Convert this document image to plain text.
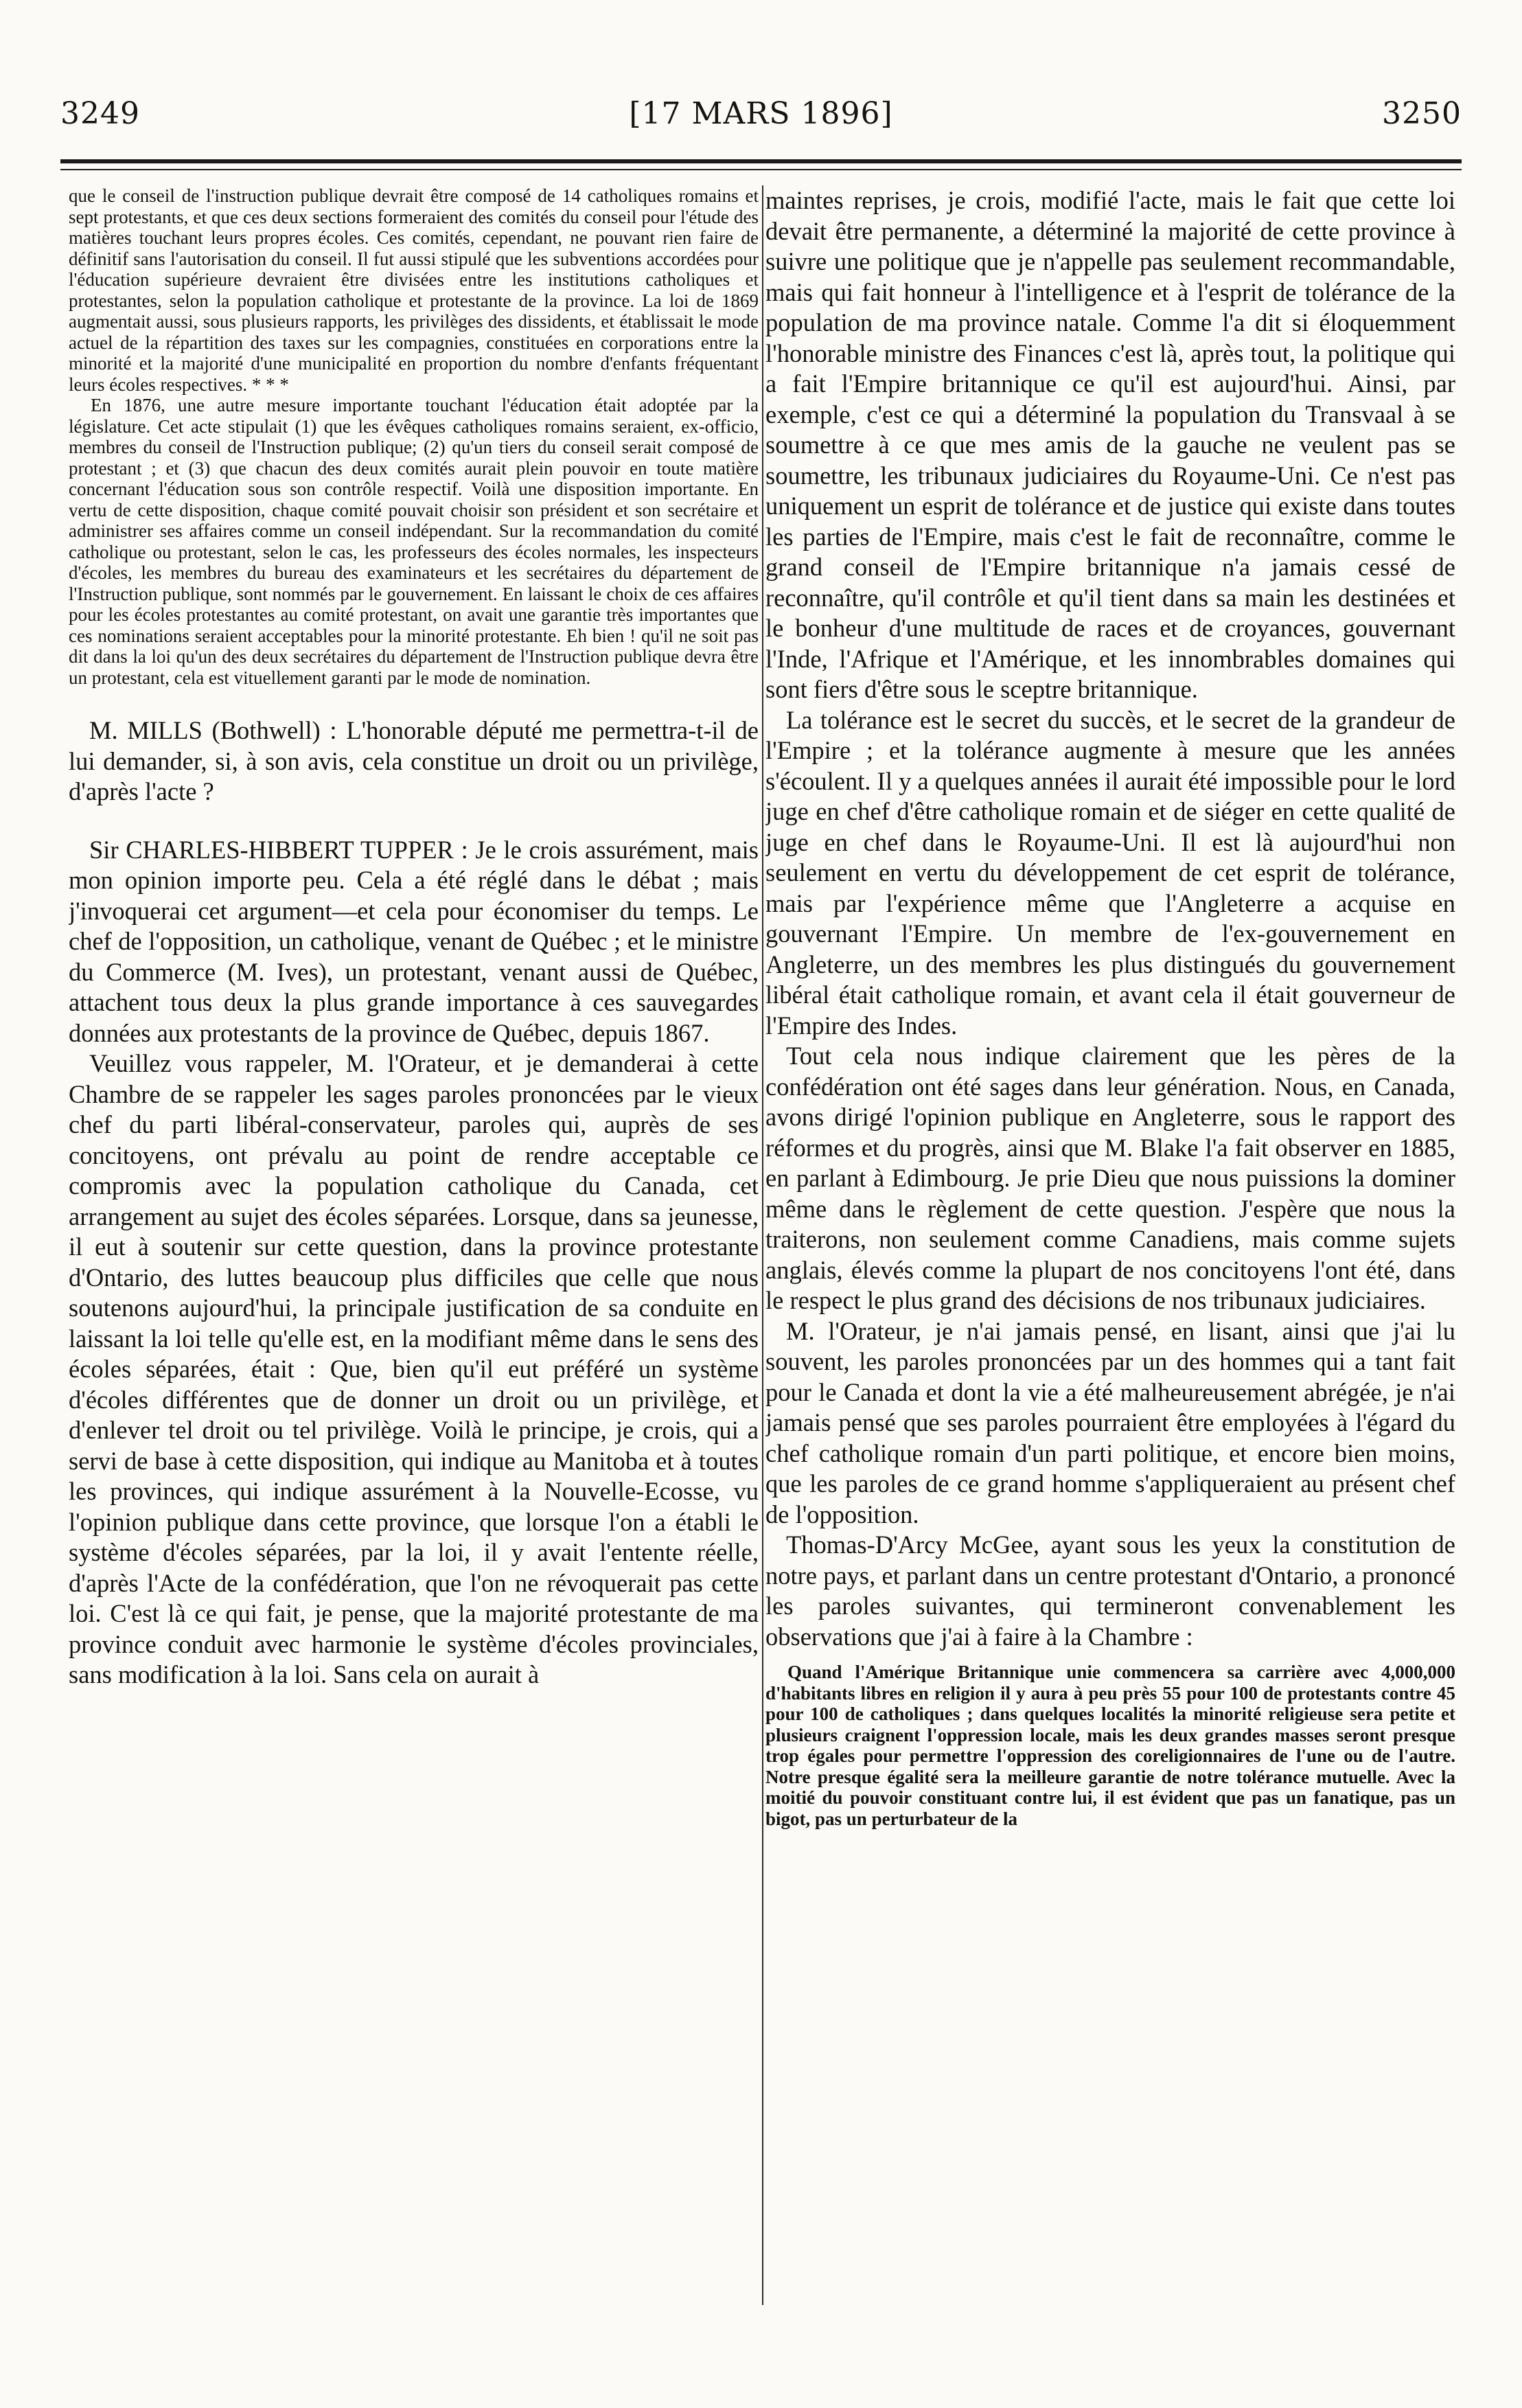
3249	[17 MARS 1896]	3250

que le conseil de l'instruction publique devrait être composé de 14 catholiques romains et sept protestants, et que ces deux sections formeraient des comités du conseil pour l'étude des matières touchant leurs propres écoles. Ces comités, cependant, ne pouvant rien faire de définitif sans l'autorisation du conseil. Il fut aussi stipulé que les subventions accordées pour l'éducation supérieure devraient être divisées entre les institutions catholiques et protestantes, selon la population catholique et protestante de la province. La loi de 1869 augmentait aussi, sous plusieurs rapports, les privilèges des dissidents, et établissait le mode actuel de la répartition des taxes sur les compagnies, constituées en corporations entre la minorité et la majorité d'une municipalité en proportion du nombre d'enfants fréquentant leurs écoles respectives. * * *

En 1876, une autre mesure importante touchant l'éducation était adoptée par la législature. Cet acte stipulait (1) que les évêques catholiques romains seraient, ex-officio, membres du conseil de l'Instruction publique; (2) qu'un tiers du conseil serait composé de protestant ; et (3) que chacun des deux comités aurait plein pouvoir en toute matière concernant l'éducation sous son contrôle respectif. Voilà une disposition importante. En vertu de cette disposition, chaque comité pouvait choisir son président et son secrétaire et administrer ses affaires comme un conseil indépendant. Sur la recommandation du comité catholique ou protestant, selon le cas, les professeurs des écoles normales, les inspecteurs d'écoles, les membres du bureau des examinateurs et les secrétaires du département de l'Instruction publique, sont nommés par le gouvernement. En laissant le choix de ces affaires pour les écoles protestantes au comité protestant, on avait une garantie très importantes que ces nominations seraient acceptables pour la minorité protestante. Eh bien ! qu'il ne soit pas dit dans la loi qu'un des deux secrétaires du département de l'Instruction publique devra être un protestant, cela est vituellement garanti par le mode de nomination.

M. MILLS (Bothwell) : L'honorable député me permettra-t-il de lui demander, si, à son avis, cela constitue un droit ou un privilège, d'après l'acte ?

Sir CHARLES-HIBBERT TUPPER : Je le crois assurément, mais mon opinion importe peu. Cela a été réglé dans le débat ; mais j'invoquerai cet argument—et cela pour économiser du temps. Le chef de l'opposition, un catholique, venant de Québec ; et le ministre du Commerce (M. Ives), un protestant, venant aussi de Québec, attachent tous deux la plus grande importance à ces sauvegardes données aux protestants de la province de Québec, depuis 1867.

Veuillez vous rappeler, M. l'Orateur, et je demanderai à cette Chambre de se rappeler les sages paroles prononcées par le vieux chef du parti libéral-conservateur, paroles qui, auprès de ses concitoyens, ont prévalu au point de rendre acceptable ce compromis avec la population catholique du Canada, cet arrangement au sujet des écoles séparées. Lorsque, dans sa jeunesse, il eut à soutenir sur cette question, dans la province protestante d'Ontario, des luttes beaucoup plus difficiles que celle que nous soutenons aujourd'hui, la principale justification de sa conduite en laissant la loi telle qu'elle est, en la modifiant même dans le sens des écoles séparées, était : Que, bien qu'il eut préféré un système d'écoles différentes que de donner un droit ou un privilège, et d'enlever tel droit ou tel privilège. Voilà le principe, je crois, qui a servi de base à cette disposition, qui indique au Manitoba et à toutes les provinces, qui indique assurément à la Nouvelle-Ecosse, vu l'opinion publique dans cette province, que lorsque l'on a établi le système d'écoles séparées, par la loi, il y avait l'entente réelle, d'après l'Acte de la confédération, que l'on ne révoquerait pas cette loi. C'est là ce qui fait, je pense, que la majorité protestante de ma province conduit avec harmonie le système d'écoles provinciales, sans modification à la loi. Sans cela on aurait à

maintes reprises, je crois, modifié l'acte, mais le fait que cette loi devait être permanente, a déterminé la majorité de cette province à suivre une politique que je n'appelle pas seulement recommandable, mais qui fait honneur à l'intelligence et à l'esprit de tolérance de la population de ma province natale. Comme l'a dit si éloquemment l'honorable ministre des Finances c'est là, après tout, la politique qui a fait l'Empire britannique ce qu'il est aujourd'hui. Ainsi, par exemple, c'est ce qui a déterminé la population du Transvaal à se soumettre à ce que mes amis de la gauche ne veulent pas se soumettre, les tribunaux judiciaires du Royaume-Uni. Ce n'est pas uniquement un esprit de tolérance et de justice qui existe dans toutes les parties de l'Empire, mais c'est le fait de reconnaître, comme le grand conseil de l'Empire britannique n'a jamais cessé de reconnaître, qu'il contrôle et qu'il tient dans sa main les destinées et le bonheur d'une multitude de races et de croyances, gouvernant l'Inde, l'Afrique et l'Amérique, et les innombrables domaines qui sont fiers d'être sous le sceptre britannique.

La tolérance est le secret du succès, et le secret de la grandeur de l'Empire ; et la tolérance augmente à mesure que les années s'écoulent. Il y a quelques années il aurait été impossible pour le lord juge en chef d'être catholique romain et de siéger en cette qualité de juge en chef dans le Royaume-Uni. Il est là aujourd'hui non seulement en vertu du développement de cet esprit de tolérance, mais par l'expérience même que l'Angleterre a acquise en gouvernant l'Empire. Un membre de l'ex-gouvernement en Angleterre, un des membres les plus distingués du gouvernement libéral était catholique romain, et avant cela il était gouverneur de l'Empire des Indes.

Tout cela nous indique clairement que les pères de la confédération ont été sages dans leur génération. Nous, en Canada, avons dirigé l'opinion publique en Angleterre, sous le rapport des réformes et du progrès, ainsi que M. Blake l'a fait observer en 1885, en parlant à Edimbourg. Je prie Dieu que nous puissions la dominer même dans le règlement de cette question. J'espère que nous la traiterons, non seulement comme Canadiens, mais comme sujets anglais, élevés comme la plupart de nos concitoyens l'ont été, dans le respect le plus grand des décisions de nos tribunaux judiciaires.

M. l'Orateur, je n'ai jamais pensé, en lisant, ainsi que j'ai lu souvent, les paroles prononcées par un des hommes qui a tant fait pour le Canada et dont la vie a été malheureusement abrégée, je n'ai jamais pensé que ses paroles pourraient être employées à l'égard du chef catholique romain d'un parti politique, et encore bien moins, que les paroles de ce grand homme s'appliqueraient au présent chef de l'opposition.

Thomas-D'Arcy McGee, ayant sous les yeux la constitution de notre pays, et parlant dans un centre protestant d'Ontario, a prononcé les paroles suivantes, qui termineront convenablement les observations que j'ai à faire à la Chambre :

Quand l'Amérique Britannique unie commencera sa carrière avec 4,000,000 d'habitants libres en religion il y aura à peu près 55 pour 100 de protestants contre 45 pour 100 de catholiques ; dans quelques localités la minorité religieuse sera petite et plusieurs craignent l'oppression locale, mais les deux grandes masses seront presque trop égales pour permettre l'oppression des coreligionnaires de l'une ou de l'autre. Notre presque égalité sera la meilleure garantie de notre tolérance mutuelle. Avec la moitié du pouvoir constituant contre lui, il est évident que pas un fanatique, pas un bigot, pas un perturbateur de la
